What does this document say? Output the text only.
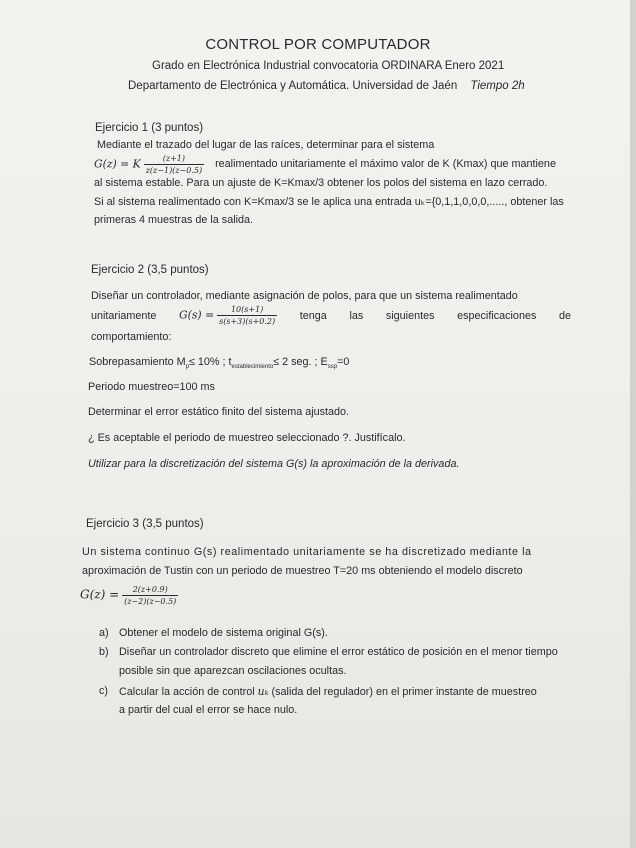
CONTROL POR COMPUTADOR
Grado en Electrónica Industrial convocatoria ORDINARA Enero 2021
Departamento de Electrónica y Automática. Universidad de Jaén Tiempo 2h
Ejercicio 1 (3 puntos)
Mediante el trazado del lugar de las raíces, determinar para el sistema
G(z) = K $\frac{(z+1)}{z(z-1)(z-0.5)}$ realimentado unitariamente el máximo valor de K (Kmax) que mantiene
al sistema estable. Para un ajuste de K=Kmax/3 obtener los polos del sistema en lazo cerrado.
Si al sistema realimentado con K=Kmax/3 se le aplica una entrada uₖ={0,1,1,0,0,0,....., obtener las
primeras 4 muestras de la salida.
Ejercicio 2 (3,5 puntos)
Diseñar un controlador, mediante asignación de polos, para que un sistema realimentado
unitariamente $G(s) = \frac{10(s+1)}{s(s+3)(s+0.2)}$ tenga las siguientes especificaciones de
comportamiento:
Sobrepasamiento $M_p\le 10\%$ ; $t_{establecimiento}\le 2$ seg. ; $E_{ssp}=0$
Periodo muestreo=100 ms
Determinar el error estático finito del sistema ajustado.
¿ Es aceptable el periodo de muestreo seleccionado ?. Justifícalo.
Utilizar para la discretización del sistema G(s) la aproximación de la derivada.
Ejercicio 3 (3,5 puntos)
Un sistema continuo G(s) realimentado unitariamente se ha discretizado mediante la
aproximación de Tustin con un periodo de muestreo T=20 ms obteniendo el modelo discreto
$G(z) = \frac{2(z+0.9)}{(z-2)(z-0.5)}$
a) Obtener el modelo de sistema original G(s).
b) Diseñar un controlador discreto que elimine el error estático de posición en el menor tiempo
posible sin que aparezcan oscilaciones ocultas.
c) Calcular la acción de control uₖ (salida del regulador) en el primer instante de muestreo
a partir del cual el error se hace nulo.
